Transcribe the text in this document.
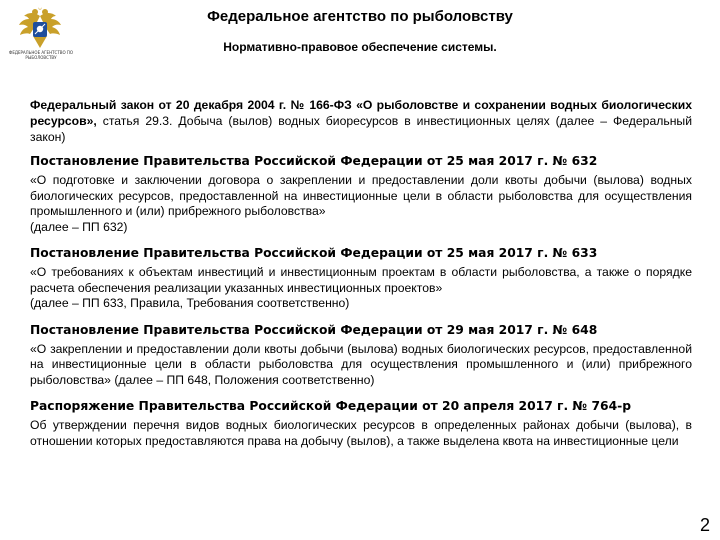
ФЕДЕРАЛЬНОЕ АГЕНТСТВО ПО РЫБОЛОВСТВУ
Федеральное агентство по рыболовству
Нормативно-правовое обеспечение системы.

Федеральный закон от 20 декабря 2004 г. № 166-ФЗ «О рыболовстве и сохранении водных биологических ресурсов», статья 29.3. Добыча (вылов) водных биоресурсов в инвестиционных целях (далее – Федеральный закон)

Постановление Правительства Российской Федерации от 25 мая 2017 г. № 632

«О подготовке и заключении договора о закреплении и предоставлении доли квоты добычи (вылова) водных биологических ресурсов, предоставленной на инвестиционные цели в области рыболовства для осуществления промышленного и (или) прибрежного рыболовства»
(далее – ПП 632)

Постановление Правительства Российской Федерации от 25 мая 2017 г. № 633

«О требованиях к объектам инвестиций и инвестиционным проектам в области рыболовства, а также о порядке расчета обеспечения реализации указанных инвестиционных проектов»
(далее – ПП 633, Правила, Требования соответственно)

Постановление Правительства Российской Федерации от 29 мая 2017 г. № 648

«О закреплении и предоставлении доли квоты добычи (вылова) водных биологических ресурсов, предоставленной на инвестиционные цели в области рыболовства для осуществления промышленного и (или) прибрежного рыболовства» (далее – ПП 648, Положения соответственно)

Распоряжение Правительства Российской Федерации от 20 апреля 2017 г. № 764-р

Об утверждении перечня видов водных биологических ресурсов в определенных районах добычи (вылова), в отношении которых предоставляются права на добычу (вылов), а также выделена квота на инвестиционные цели

2
